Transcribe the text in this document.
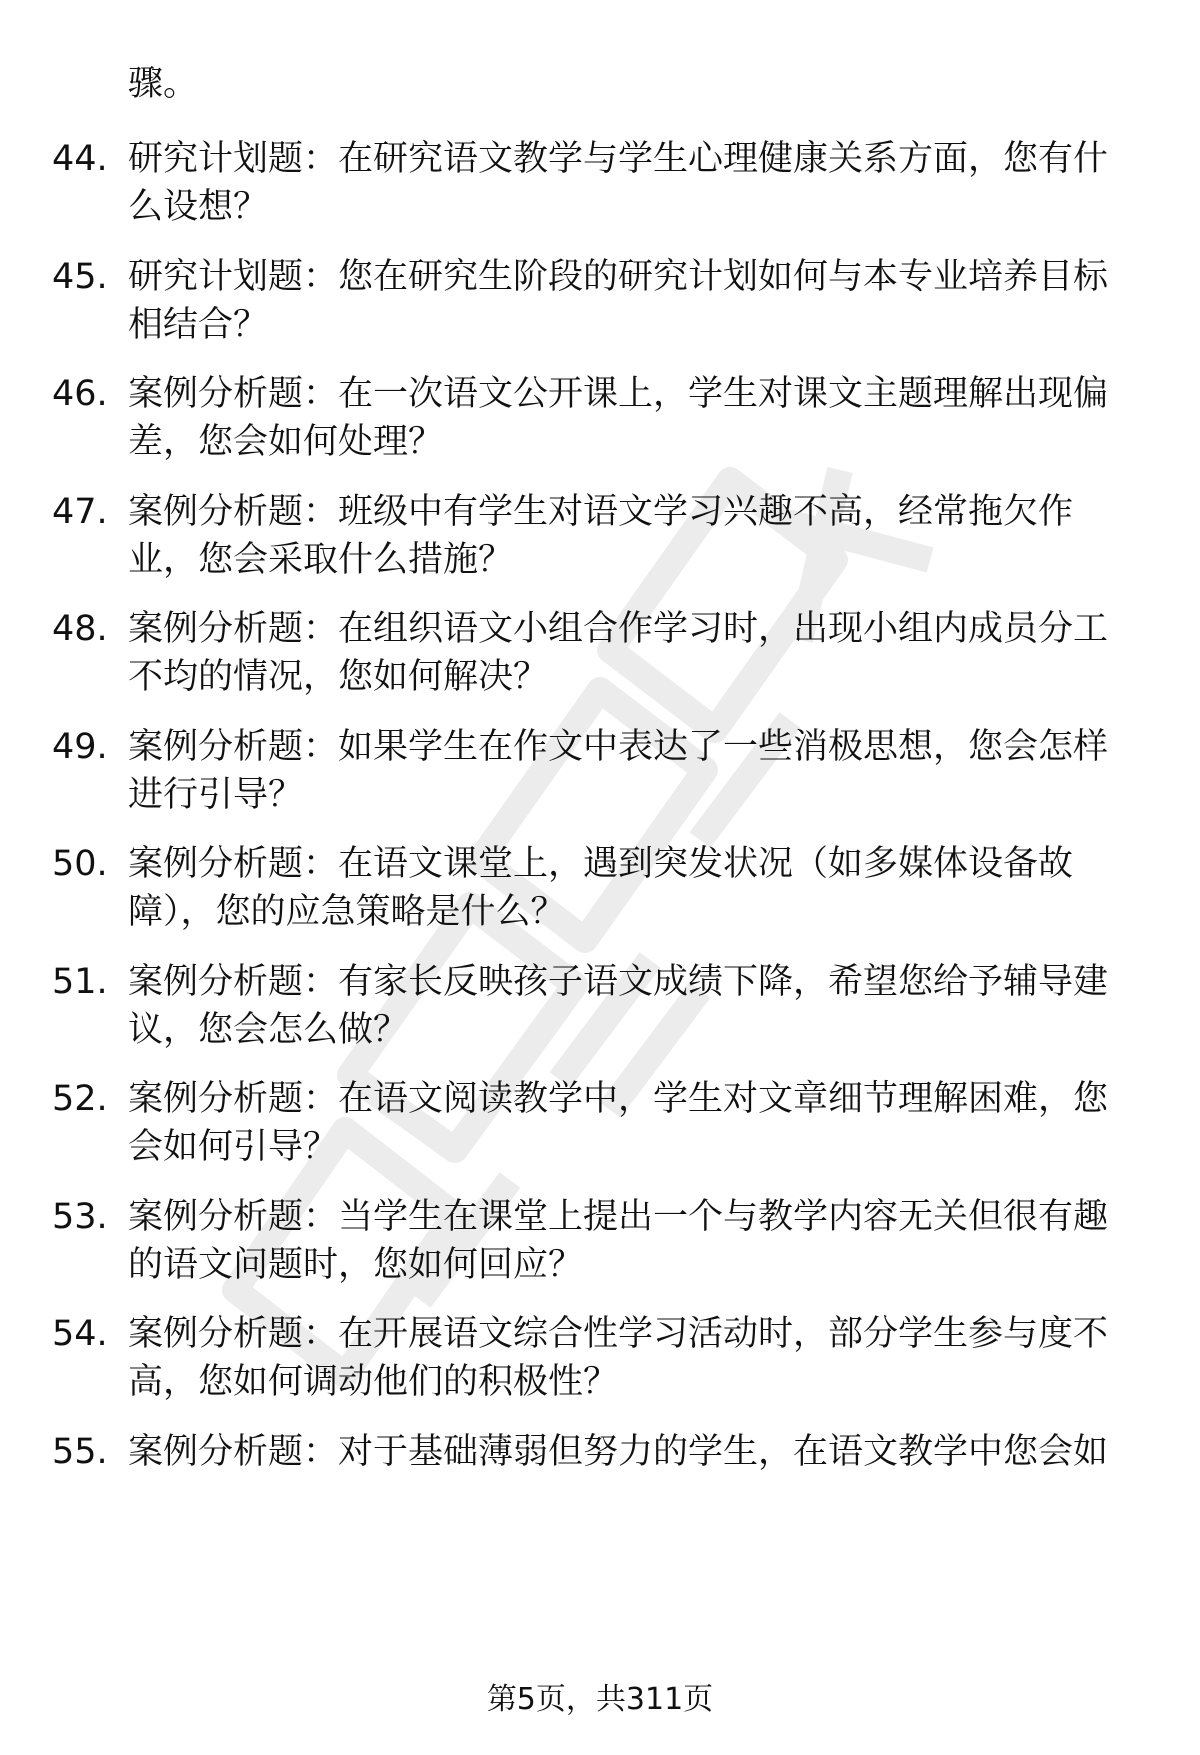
骤。
44. 研究计划题：在研究语文教学与学生心理健康关系方面，您有什
么设想？
45. 研究计划题：您在研究生阶段的研究计划如何与本专业培养目标
相结合？
46. 案例分析题：在一次语文公开课上，学生对课文主题理解出现偏
差，您会如何处理？
47. 案例分析题：班级中有学生对语文学习兴趣不高，经常拖欠作
业，您会采取什么措施？
48. 案例分析题：在组织语文小组合作学习时，出现小组内成员分工
不均的情况，您如何解决？
49. 案例分析题：如果学生在作文中表达了一些消极思想，您会怎样
进行引导？
50. 案例分析题：在语文课堂上，遇到突发状况（如多媒体设备故
障），您的应急策略是什么？
51. 案例分析题：有家长反映孩子语文成绩下降，希望您给予辅导建
议，您会怎么做？
52. 案例分析题：在语文阅读教学中，学生对文章细节理解困难，您
会如何引导？
53. 案例分析题：当学生在课堂上提出一个与教学内容无关但很有趣
的语文问题时，您如何回应？
54. 案例分析题：在开展语文综合性学习活动时，部分学生参与度不
高，您如何调动他们的积极性？
55. 案例分析题：对于基础薄弱但努力的学生，在语文教学中您会如
第5页，共311页
